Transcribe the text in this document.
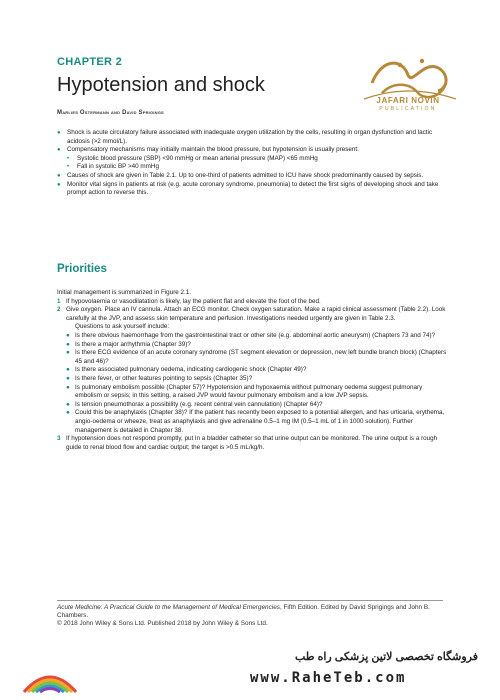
CHAPTER 2
Hypotension and shock
Marlies Ostermann and David Sprigings
JAFARI NOVIN
PUBLICATION
● Shock is acute circulatory failure associated with inadequate oxygen utilization by the cells, resulting in organ dysfunction and lactic acidosis (>2 mmol/L).
● Compensatory mechanisms may initially maintain the blood pressure, but hypotension is usually present:
• Systolic blood pressure (SBP) <90 mmHg or mean arterial pressure (MAP) <65 mmHg
• Fall in systolic BP >40 mmHg
● Causes of shock are given in Table 2.1. Up to one-third of patients admitted to ICU have shock predominantly caused by sepsis.
● Monitor vital signs in patients at risk (e.g. acute coronary syndrome, pneumonia) to detect the first signs of developing shock and take prompt action to reverse this.
Priorities

Initial management is summarized in Figure 2.1.

1 If hypovolaemia or vasodilatation is likely, lay the patient flat and elevate the foot of the bed.

2 Give oxygen. Place an IV cannula. Attach an ECG monitor. Check oxygen saturation. Make a rapid clinical assessment (Table 2.2). Look carefully at the JVP, and assess skin temperature and perfusion. Investigations needed urgently are given in Table 2.3.

Questions to ask yourself include:

● Is there obvious haemorrhage from the gastrointestinal tract or other site (e.g. abdominal aortic aneurysm) (Chapters 73 and 74)?

● Is there a major arrhythmia (Chapter 39)?

● Is there ECG evidence of an acute coronary syndrome (ST segment elevation or depression, new left bundle branch block) (Chapters 45 and 46)?

● Is there associated pulmonary oedema, indicating cardiogenic shock (Chapter 49)?

● Is there fever, or other features pointing to sepsis (Chapter 35)?

● Is pulmonary embolism possible (Chapter 57)? Hypotension and hypoxaemia without pulmonary oedema suggest pulmonary embolism or sepsis; in this setting, a raised JVP would favour pulmonary embolism and a low JVP sepsis.

● Is tension pneumothorax a possibility (e.g. recent central vein cannulation) (Chapter 64)?

● Could this be anaphylaxis (Chapter 38)? If the patient has recently been exposed to a potential allergen, and has urticaria, erythema, angio-oedema or wheeze, treat as anaphylaxis and give adrenaline 0.5–1 mg IM (0.5–1 mL of 1 in 1000 solution). Further management is detailed in Chapter 38.

3 If hypotension does not respond promptly, put in a bladder catheter so that urine output can be monitored. The urine output is a rough guide to renal blood flow and cardiac output; the target is >0.5 mL/kg/h.

Acute Medicine: A Practical Guide to the Management of Medical Emergencies, Fifth Edition. Edited by David Sprigings and John B. Chambers.
© 2018 John Wiley & Sons Ltd. Published 2018 by John Wiley & Sons Ltd.
فروشگاه تخصصی لاتین پزشکی راه طب
www.RaheTeb.com
